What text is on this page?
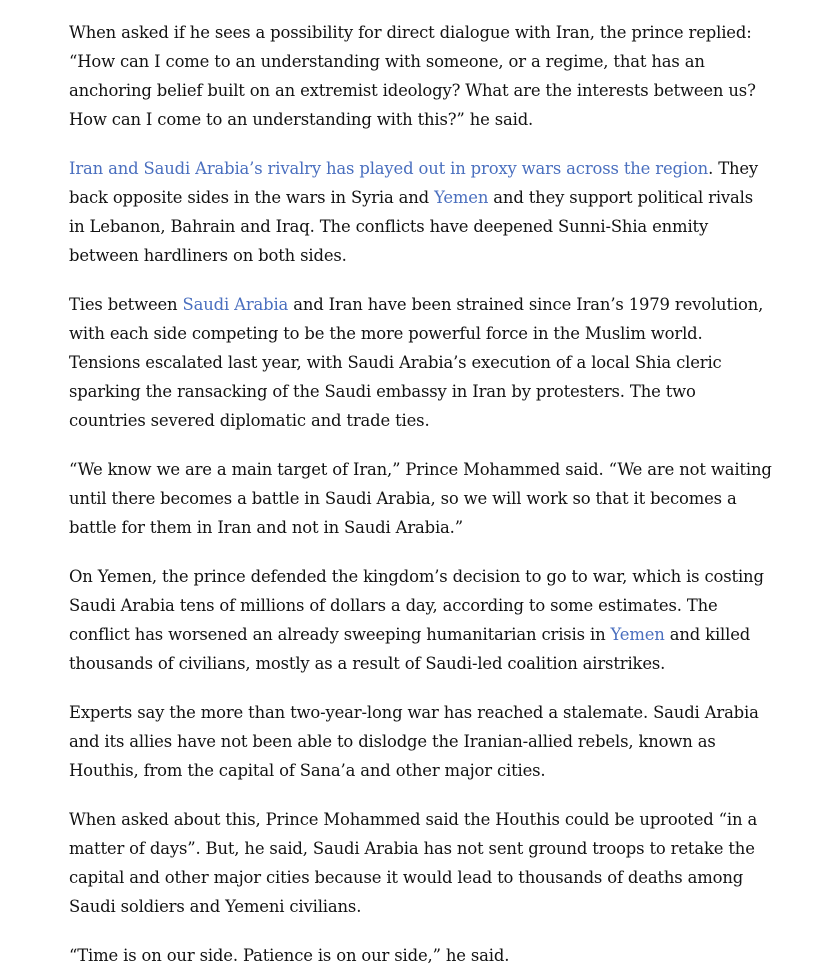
When asked if he sees a possibility for direct dialogue with Iran, the prince replied: “How can I come to an understanding with someone, or a regime, that has an anchoring belief built on an extremist ideology? What are the interests between us? How can I come to an understanding with this?” he said.

Iran and Saudi Arabia’s rivalry has played out in proxy wars across the region. They back opposite sides in the wars in Syria and Yemen and they support political rivals in Lebanon, Bahrain and Iraq. The conflicts have deepened Sunni-Shia enmity between hardliners on both sides.

Ties between Saudi Arabia and Iran have been strained since Iran’s 1979 revolution, with each side competing to be the more powerful force in the Muslim world. Tensions escalated last year, with Saudi Arabia’s execution of a local Shia cleric sparking the ransacking of the Saudi embassy in Iran by protesters. The two countries severed diplomatic and trade ties.

“We know we are a main target of Iran,” Prince Mohammed said. “We are not waiting until there becomes a battle in Saudi Arabia, so we will work so that it becomes a battle for them in Iran and not in Saudi Arabia.”

On Yemen, the prince defended the kingdom’s decision to go to war, which is costing Saudi Arabia tens of millions of dollars a day, according to some estimates. The conflict has worsened an already sweeping humanitarian crisis in Yemen and killed thousands of civilians, mostly as a result of Saudi-led coalition airstrikes.

Experts say the more than two-year-long war has reached a stalemate. Saudi Arabia and its allies have not been able to dislodge the Iranian-allied rebels, known as Houthis, from the capital of Sana’a and other major cities.

When asked about this, Prince Mohammed said the Houthis could be uprooted “in a matter of days”. But, he said, Saudi Arabia has not sent ground troops to retake the capital and other major cities because it would lead to thousands of deaths among Saudi soldiers and Yemeni civilians.

“Time is on our side. Patience is on our side,” he said.
